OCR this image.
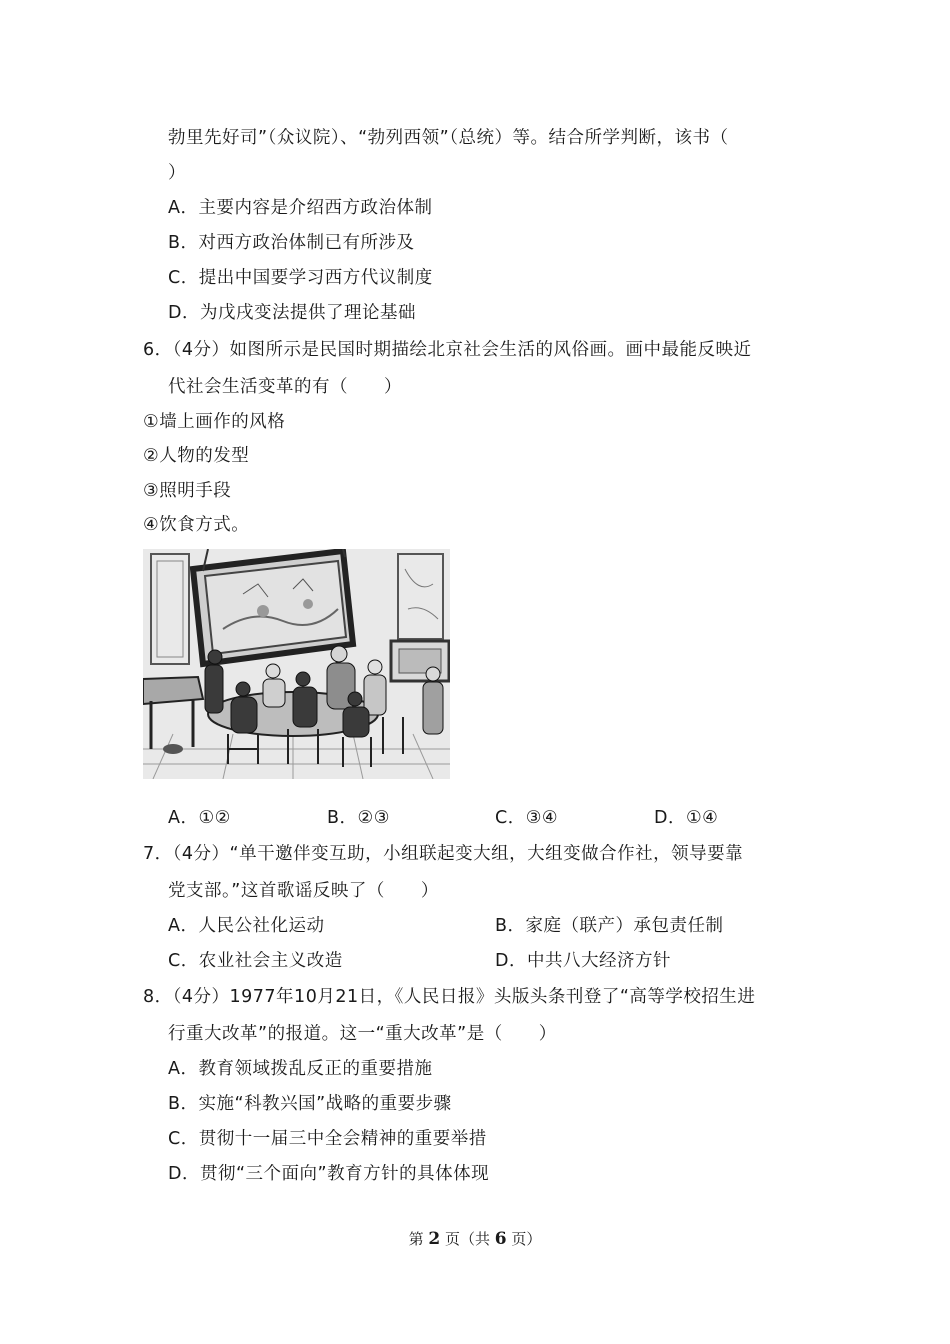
勃里先好司”（众议院）、“勃列西领”（总统）等。结合所学判断，该书（
）
A．主要内容是介绍西方政治体制
B．对西方政治体制已有所涉及
C．提出中国要学习西方代议制度
D．为戊戌变法提供了理论基础
6．（4分）如图所示是民国时期描绘北京社会生活的风俗画。画中最能反映近
代社会生活变革的有（　　）
①墙上画作的风格
②人物的发型
③照明手段
④饮食方式。
A．①②	B．②③	C．③④	D．①④
7．（4分）“单干邀伴变互助，小组联起变大组，大组变做合作社，领导要靠
党支部。”这首歌谣反映了（　　）
A．人民公社化运动	B．家庭（联产）承包责任制
C．农业社会主义改造	D．中共八大经济方针
8．（4分）1977年10月21日，《人民日报》头版头条刊登了“高等学校招生进
行重大改革”的报道。这一“重大改革”是（　　）
A．教育领域拨乱反正的重要措施
B．实施“科教兴国”战略的重要步骤
C．贯彻十一届三中全会精神的重要举措
D．贯彻“三个面向”教育方针的具体体现
第 2 页（共 6 页）
